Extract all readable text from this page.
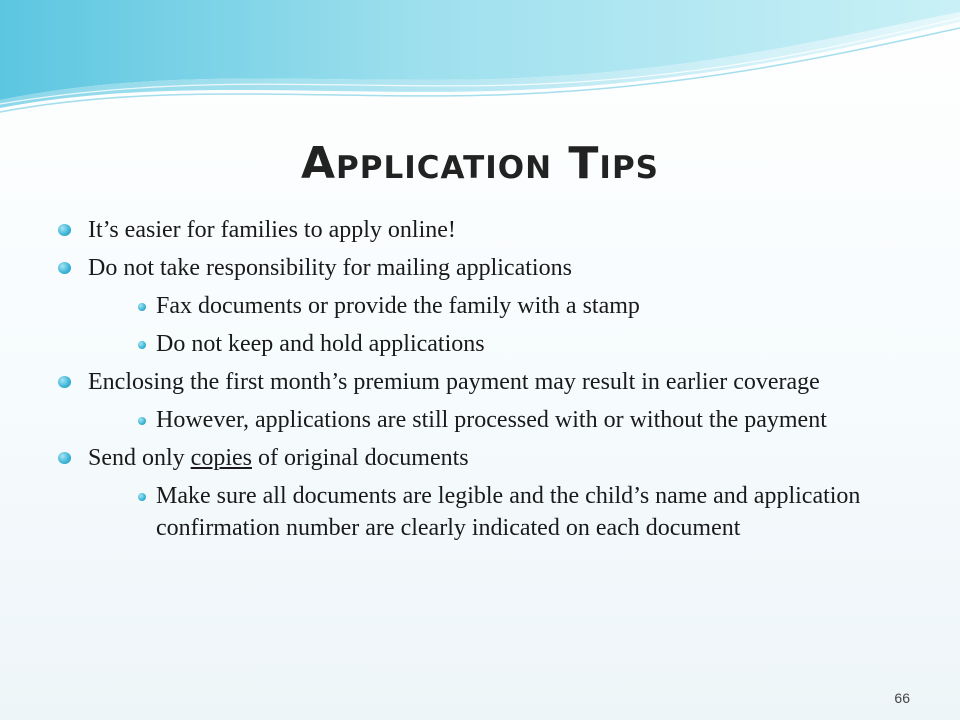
Application Tips
It’s easier for families to apply online!
Do not take responsibility for mailing applications
Fax documents or provide the family with a stamp
Do not keep and hold applications
Enclosing the first month’s premium payment may result in earlier coverage
However, applications are still processed with or without the payment
Send only copies of original documents
Make sure all documents are legible and the child’s name and application confirmation number are clearly indicated on each document
66
